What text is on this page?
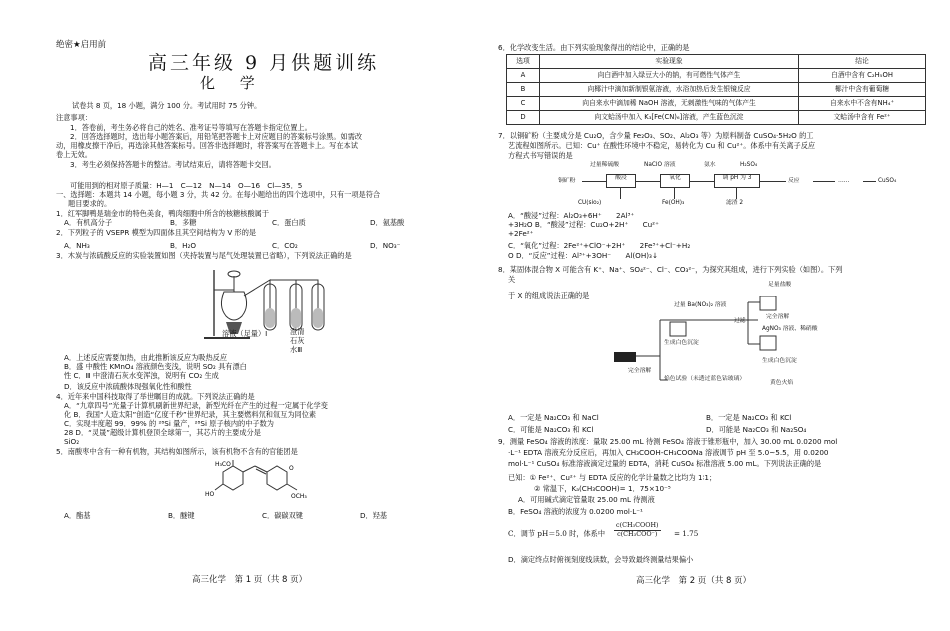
绝密★启用前
高三年级 9 月供题训练
化 学
试卷共 8 页，18 小题，满分 100 分。考试用时 75 分钟。
注意事项：
1．答卷前，考生务必将自己的姓名、准考证号等填写在答题卡指定位置上。
2．回答选择题时，选出每小题答案后，用铅笔把答题卡上对应题目的答案标号涂黑。如需改
动，用橡皮擦干净后，再选涂其他答案标号。回答非选择题时，将答案写在答题卡上。写在本试
卷上无效。
3．考生必须保持答题卡的整洁。考试结束后，请将答题卡交回。
可能用到的相对原子质量：H—1　C—12　N—14　O—16　Cl—35．5
一、选择题：本题共 14 小题，每小题 3 分，共 42 分。在每小题给出的四个选项中，只有一项是符合
题目要求的。
1．红军脚鸭是瑞金市的特色美食，鸭肉细胞中所含的核糖核酸属于
A．有机高分子	B．多糖	C．蛋白质	D．氨基酸
2．下列粒子的 VSEPR 模型为四面体且其空间结构为 V 形的是
A．NH₃	B．H₂O	C．CO₂	D．NO₃⁻
3．木炭与浓硫酸反应的实验装置如图（夹持装置与尾气处理装置已省略），下列说法正确的是
溶液（足量）Ⅰ	澄清石灰水Ⅲ
A．上述反应需要加热，由此推断该反应为吸热反应
B．盛 中酸性 KMnO₄ 溶液颜色变浅，说明 SO₂ 具有漂白
性 C．Ⅲ 中澄清石灰水变浑浊，说明有 CO₂ 生成
D．该反应中浓硫酸体现强氧化性和酸性
4．近年来中国科技取得了举世瞩目的成就。下列说法正确的是
A．“九章四号”光量子计算机刷新世界纪录，新型光纤在产生的过程一定属于化学变
化 B．我国“人造太阳”创造“亿度千秒”世界纪录，其主要燃料氘和氚互为同位素
C．实现丰度超 99．99% 的 ²⁸Si 量产，²⁸Si 原子核内的中子数为
28 D．“灵晟”超级计算机登顶全球第一，其芯片的主要成分是
SiO₂
5．南酸枣中含有一种有机物，其结构如图所示，该有机物不含有的官能团是
H₃CO
HO	OCH₃
O
A．酯基	B．醚键	C．碳碳双键	D．羟基
高三化学　第 1 页（共 8 页）
6．化学改变生活。由下列实验现象得出的结论中，正确的是
选项	实验现象	结论
A	向白酒中加入绿豆大小的钠，有可燃性气体产生	白酒中含有 C₂H₅OH
B	向椰汁中滴加新制银氨溶液，水浴加热后发生银镜反应	椰汁中含有葡萄糖
C	向自来水中滴加稀 NaOH 溶液，无刺激性气味的气体产生	自来水中不含有NH₄⁺
D	向文蛤汤中加入 K₃[Fe(CN)₆]溶液，产生蓝色沉淀	文蛤汤中含有 Fe²⁺
7．以铜矿粉（主要成分是 Cu₂O，含少量 Fe₂O₃、SO₂、Al₂O₃ 等）为原料制备 CuSO₄·5H₂O 的工
艺流程如图所示。已知：Cu⁺ 在酸性环境中不稳定，易转化为 Cu 和 Cu²⁺。体系中有关离子反应
方程式书写错误的是
过量稀硫酸	NaClO 溶液	氨水	H₂SO₄
铜矿粉	酸浸	氧化	调 pH 为 3	反应	……	CuSO₄
CU(sio₂)	Fe(OH)₃	滤渣 2
A．“酸浸”过程：Al₂O₃+6H⁺　　2Al³⁺
+3H₂O B．“酸浸”过程：Cu₂O+2H⁺　　Cu²⁺
+2Fe²⁺
C．“氧化”过程：2Fe²⁺+ClO⁻+2H⁺　　2Fe³⁺+Cl⁻+H₂
O D．“反应”过程：Al³⁺+3OH⁻　　Al(OH)₃↓
8．某固体混合物 X 可能含有 K⁺、Na⁺、SO₄²⁻、Cl⁻、CO₃²⁻，为探究其组成，进行下列实验（如图）。下列
关
于 X 的组成说法正确的是
过量 Ba(NO₃)₂ 溶液
过滤
足量盐酸
生成白色沉淀
完全溶解
AgNO₃ 溶液、稀硝酸
生成白色沉淀
焰色试验（未透过蓝色钴玻璃）
黄色火焰
完全溶解
A．一定是 Na₂CO₃ 和 NaCl	B．一定是 Na₂CO₃ 和 KCl
C．可能是 Na₂CO₃ 和 KCl	D．可能是 Na₂CO₃ 和 Na₂SO₄
9．测量 FeSO₄ 溶液的浓度：量取 25.00 mL 待测 FeSO₄ 溶液于锥形瓶中，加入 30.00 mL 0.0200 mol
·L⁻¹ EDTA 溶液充分反应后，再加入 CH₃COOH-CH₃COONa 溶液调节 pH 至 5.0~5.5，用 0.0200
mol·L⁻¹ CuSO₄ 标准溶液滴定过量的 EDTA，消耗 CuSO₄ 标准溶液 5.00 mL。下列说法正确的是
已知：① Fe²⁺、Cu²⁺ 与 EDTA 反应的化学计量数之比均为 1∶1；
② 常温下，Kₐ(CH₃COOH)= 1．75×10⁻⁵
A．可用碱式滴定管量取 25.00 mL 待测液
B．FeSO₄ 溶液的浓度为 0.0200 mol·L⁻¹
C．调节 pH＝5.0 时，体系中
c(CH₃COOH)
c(CH₃COO⁻)	= 1.75
D．滴定终点时俯视刻度线读数，会导致最终测量结果偏小
高三化学　第 2 页（共 8 页）
